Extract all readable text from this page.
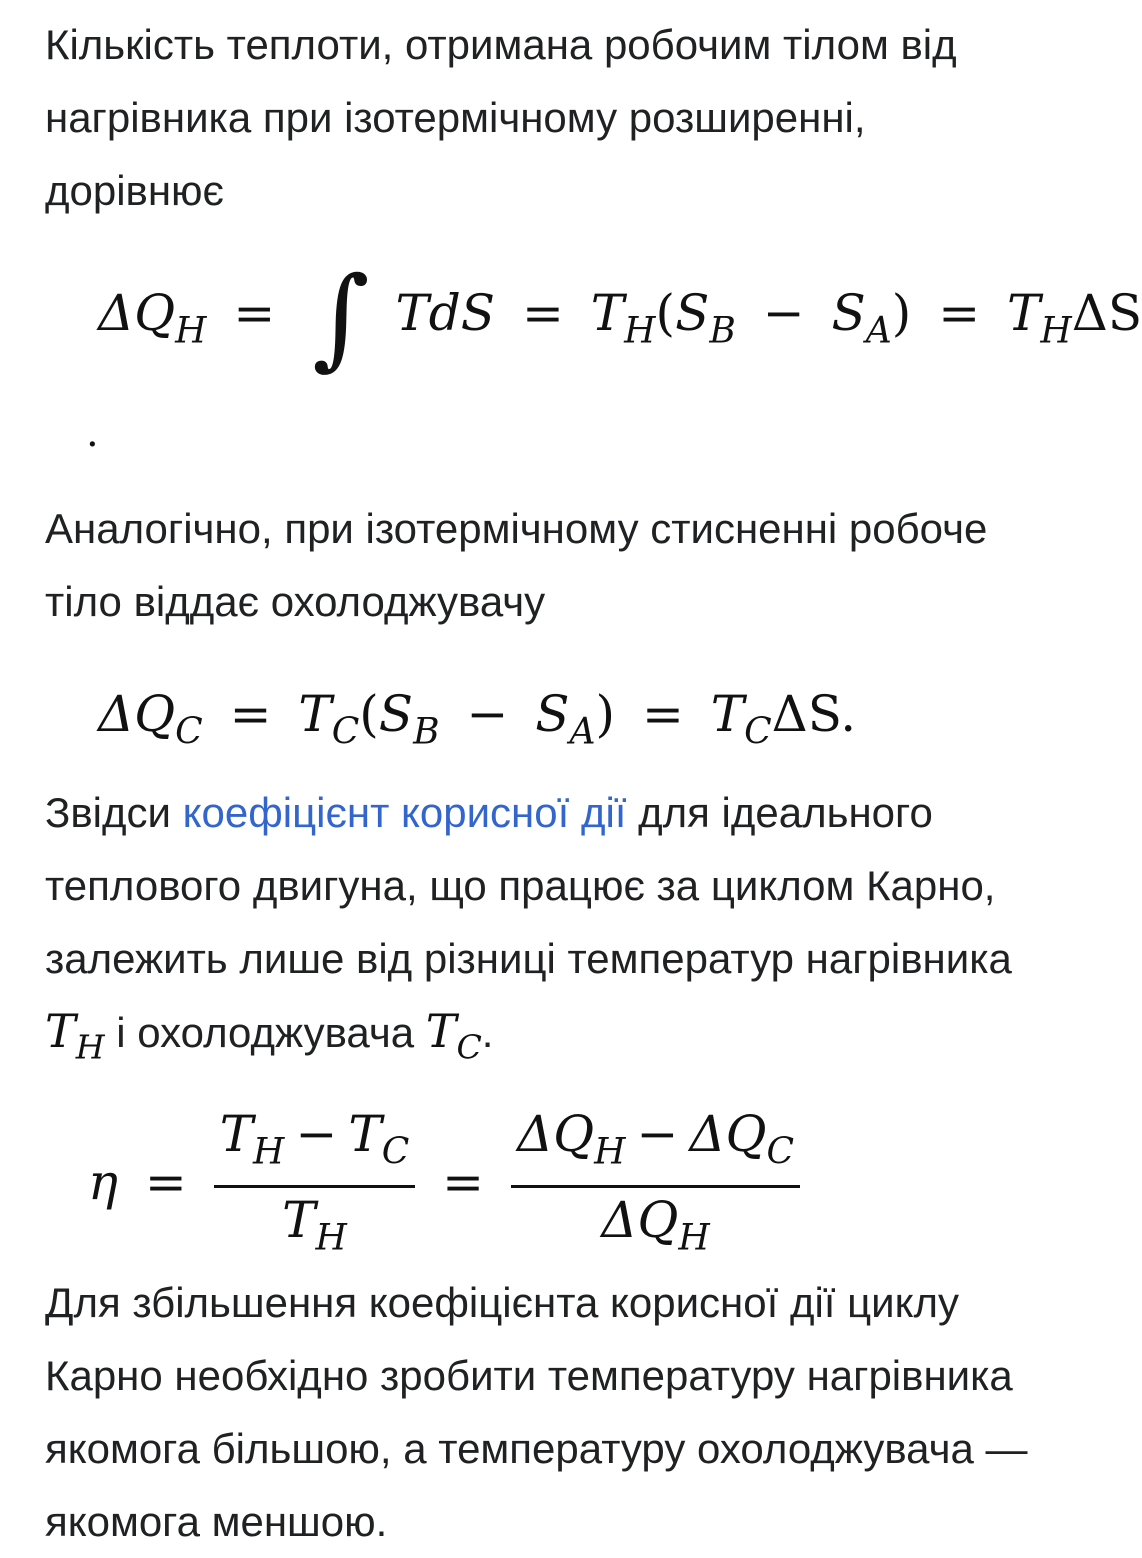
Кількість теплоти, отримана робочим тілом від нагрівника при ізотермічному розширенні, дорівнює

$\Delta Q_H$ = ∫ TdS = $T_H(S_B - S_A) = T_H\Delta S$
.

Аналогічно, при ізотермічному стисненні робоче тіло віддає охолоджувачу

$\Delta Q_C = T_C(S_B - S_A) = T_C\Delta S$.

Звідси коефіцієнт корисної дії для ідеального теплового двигуна, що працює за циклом Карно, залежить лише від різниці температур нагрівника $T_H$ і охолоджувача $T_C$.

$\eta = \frac{T_H - T_C}{T_H} = \frac{\Delta Q_H - \Delta Q_C}{\Delta Q_H}$

Для збільшення коефіцієнта корисної дії циклу Карно необхідно зробити температуру нагрівника якомога більшою, а температуру охолоджувача — якомога меншою.
